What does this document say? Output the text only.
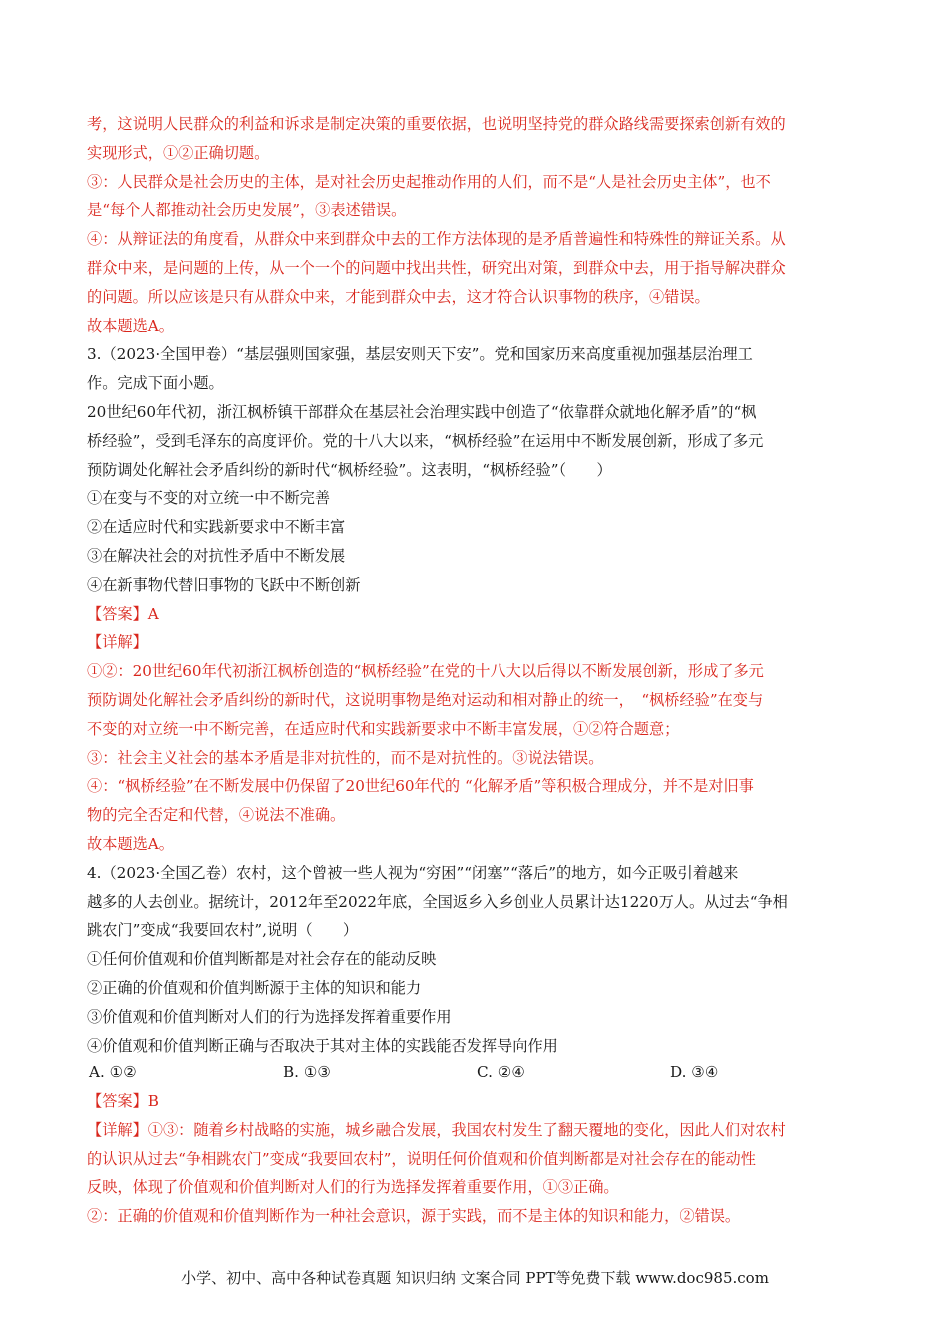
考，这说明人民群众的利益和诉求是制定决策的重要依据，也说明坚持党的群众路线需要探索创新有效的
实现形式，①②正确切题。
③：人民群众是社会历史的主体，是对社会历史起推动作用的人们，而不是“人是社会历史主体”，也不
是“每个人都推动社会历史发展”，③表述错误。
④：从辩证法的角度看，从群众中来到群众中去的工作方法体现的是矛盾普遍性和特殊性的辩证关系。从
群众中来，是问题的上传，从一个一个的问题中找出共性，研究出对策，到群众中去，用于指导解决群众
的问题。所以应该是只有从群众中来，才能到群众中去，这才符合认识事物的秩序，④错误。
故本题选A。
3.（2023·全国甲卷）“基层强则国家强，基层安则天下安”。党和国家历来高度重视加强基层治理工
作。完成下面小题。
20世纪60年代初，浙江枫桥镇干部群众在基层社会治理实践中创造了“依靠群众就地化解矛盾”的“枫
桥经验”，受到毛泽东的高度评价。党的十八大以来，“枫桥经验”在运用中不断发展创新，形成了多元
预防调处化解社会矛盾纠纷的新时代“枫桥经验”。这表明，“枫桥经验”（　　）
①在变与不变的对立统一中不断完善
②在适应时代和实践新要求中不断丰富
③在解决社会的对抗性矛盾中不断发展
④在新事物代替旧事物的飞跃中不断创新
【答案】A
【详解】
①②：20世纪60年代初浙江枫桥创造的“枫桥经验”在党的十八大以后得以不断发展创新，形成了多元
预防调处化解社会矛盾纠纷的新时代，这说明事物是绝对运动和相对静止的统一，　“枫桥经验”在变与
不变的对立统一中不断完善，在适应时代和实践新要求中不断丰富发展，①②符合题意；
③：社会主义社会的基本矛盾是非对抗性的，而不是对抗性的。③说法错误。
④：“枫桥经验”在不断发展中仍保留了20世纪60年代的 “化解矛盾”等积极合理成分，并不是对旧事
物的完全否定和代替，④说法不准确。
故本题选A。
4.（2023·全国乙卷）农村，这个曾被一些人视为“穷困”“闭塞”“落后”的地方，如今正吸引着越来
越多的人去创业。据统计，2012年至2022年底，全国返乡入乡创业人员累计达1220万人。从过去“争相
跳农门”变成“我要回农村”,说明（　　）
①任何价值观和价值判断都是对社会存在的能动反映
②正确的价值观和价值判断源于主体的知识和能力
③价值观和价值判断对人们的行为选择发挥着重要作用
④价值观和价值判断正确与否取决于其对主体的实践能否发挥导向作用
A. ①②	B. ①③	C. ②④	D. ③④
【答案】B
【详解】①③：随着乡村战略的实施，城乡融合发展，我国农村发生了翻天覆地的变化，因此人们对农村
的认识从过去“争相跳农门”变成“我要回农村”，说明任何价值观和价值判断都是对社会存在的能动性
反映，体现了价值观和价值判断对人们的行为选择发挥着重要作用，①③正确。
②：正确的价值观和价值判断作为一种社会意识，源于实践，而不是主体的知识和能力，②错误。
小学、初中、高中各种试卷真题 知识归纳 文案合同 PPT等免费下载 www.doc985.com
